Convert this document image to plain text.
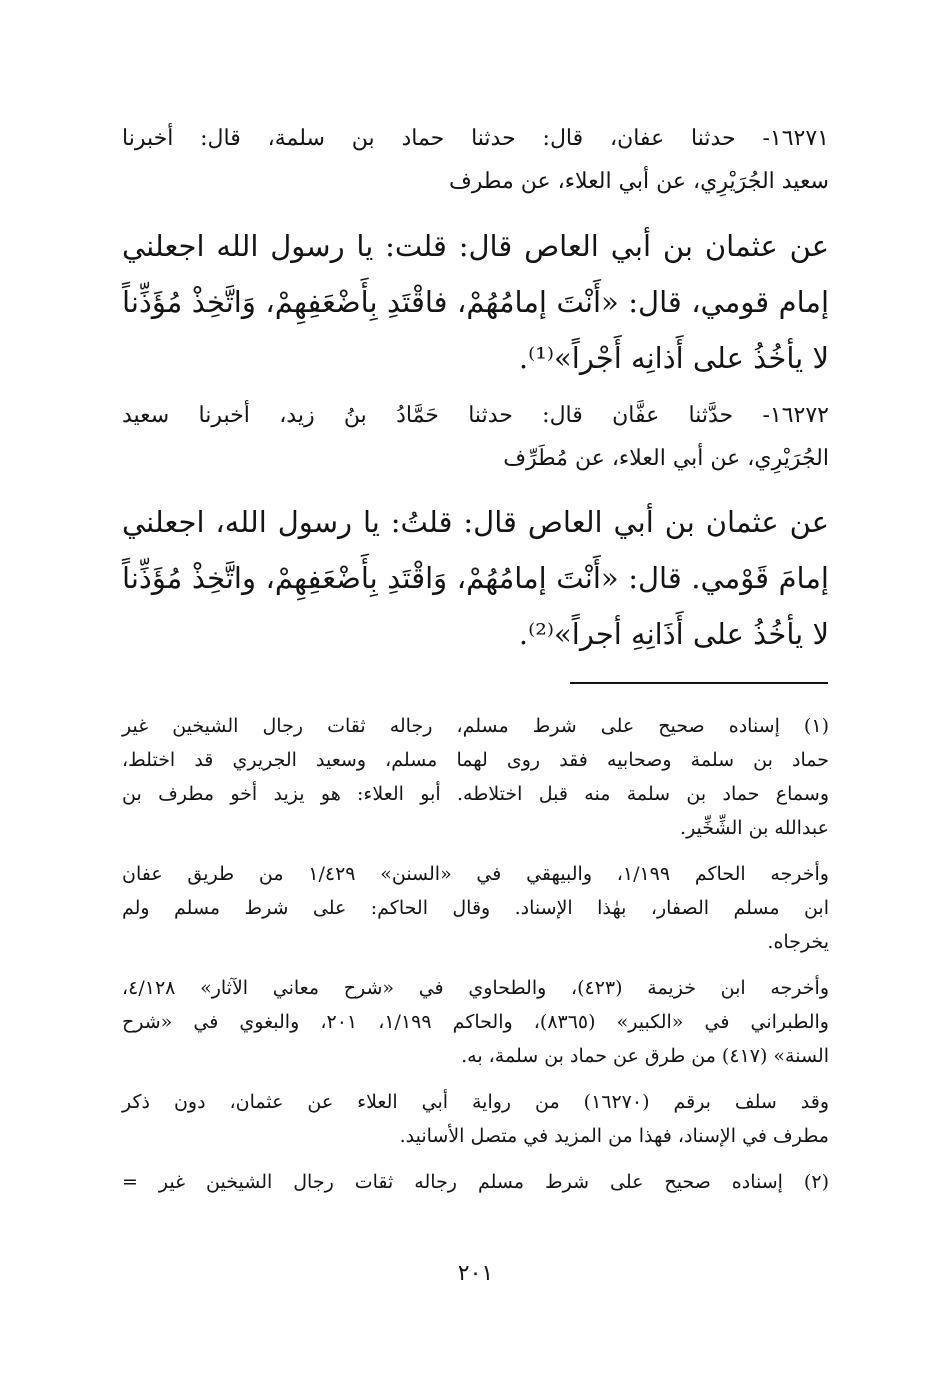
١٦٢٧١- حدثنا عفان، قال: حدثنا حماد بن سلمة، قال: أخبرنا
سعيد الجُرَيْرِي، عن أبي العلاء، عن مطرف
عن عثمان بن أبي العاص قال: قلت: يا رسول الله اجعلني
إمام قومي، قال: «أَنْتَ إمامُهُمْ، فاقْتَدِ بِأَضْعَفِهِمْ، وَاتَّخِذْ مُؤَذِّناً
لا يأخُذُ على أَذانِه أَجْراً»⁽¹⁾.
١٦٢٧٢- حدَّثنا عفَّان قال: حدثنا حَمَّادُ بنُ زيد، أخبرنا سعيد
الجُرَيْرِي، عن أبي العلاء، عن مُطَرِّف
عن عثمان بن أبي العاص قال: قلتُ: يا رسول الله، اجعلني
إمامَ قَوْمي. قال: «أَنْتَ إمامُهُمْ، وَاقْتَدِ بِأَضْعَفِهِمْ، واتَّخِذْ مُؤَذِّناً
لا يأخُذُ على أَذَانِهِ أجراً»⁽²⁾.
(١) إسناده صحيح على شرط مسلم، رجاله ثقات رجال الشيخين غير
حماد بن سلمة وصحابيه فقد روى لهما مسلم، وسعيد الجريري قد اختلط،
وسماع حماد بن سلمة منه قبل اختلاطه. أبو العلاء: هو يزيد أخو مطرف بن
عبدالله بن الشِّخِّير.
وأخرجه الحاكم ١/١٩٩، والبيهقي في «السنن» ١/٤٢٩ من طريق عفان
ابن مسلم الصفار، بهٰذا الإسناد. وقال الحاكم: على شرط مسلم ولم
يخرجاه.
وأخرجه ابن خزيمة (٤٢٣)، والطحاوي في «شرح معاني الآثار» ٤/١٢٨،
والطبراني في «الكبير» (٨٣٦٥)، والحاكم ١/١٩٩، ٢٠١، والبغوي في «شرح
السنة» (٤١٧) من طرق عن حماد بن سلمة، به.
وقد سلف برقم (١٦٢٧٠) من رواية أبي العلاء عن عثمان، دون ذكر
مطرف في الإسناد، فهذا من المزيد في متصل الأسانيد.
(٢) إسناده صحيح على شرط مسلم رجاله ثقات رجال الشيخين غير =
٢٠١
